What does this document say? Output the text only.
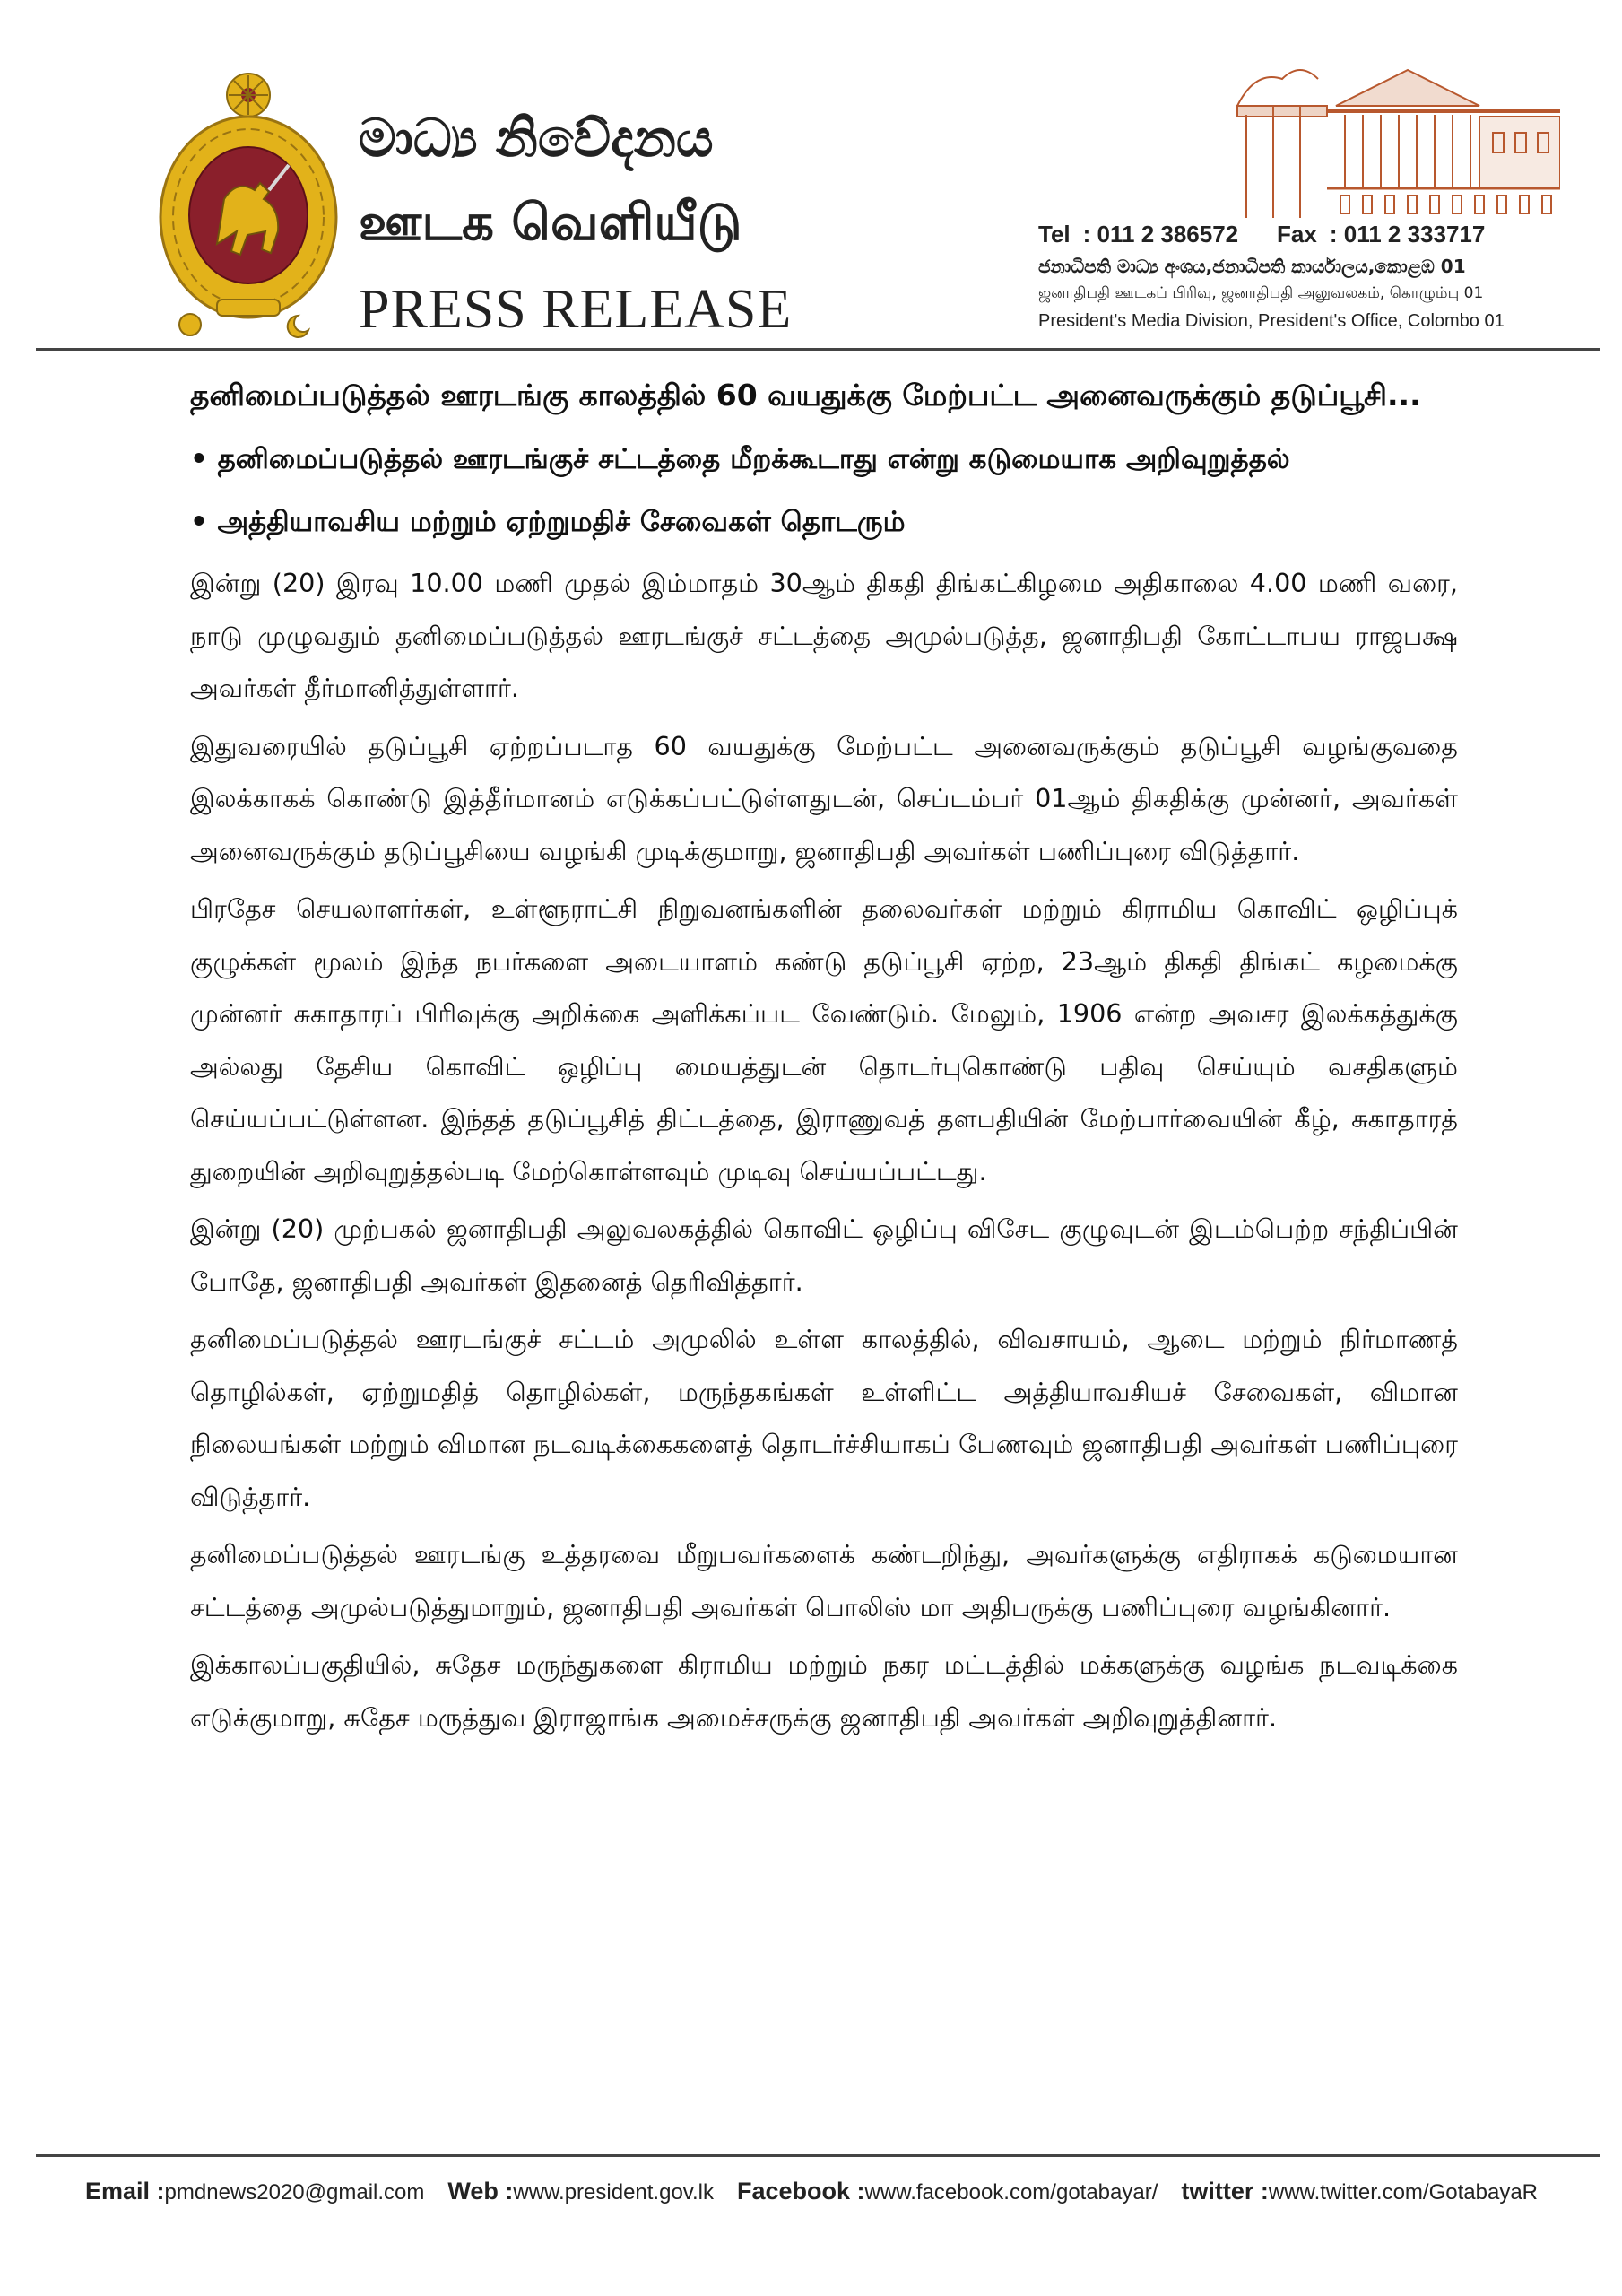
මාධ්‍ය නිවේදනය
ஊடக வெளியீடு
PRESS RELEASE
Tel : 011 2 386572 Fax : 011 2 333717
ජනාධිපති මාධ්‍ය අංශය,ජනාධිපති කාර්යාලය,කොළඹ 01
ஜனாதிபதி ஊடகப் பிரிவு, ஜனாதிபதி அலுவலகம், கொழும்பு 01
President's Media Division, President's Office, Colombo 01

தனிமைப்படுத்தல் ஊரடங்கு காலத்தில் 60 வயதுக்கு மேற்பட்ட அனைவருக்கும் தடுப்பூசி...

• தனிமைப்படுத்தல் ஊரடங்குச் சட்டத்தை மீறக்கூடாது என்று கடுமையாக அறிவுறுத்தல்

• அத்தியாவசிய மற்றும் ஏற்றுமதிச் சேவைகள் தொடரும்

இன்று (20) இரவு 10.00 மணி முதல் இம்மாதம் 30ஆம் திகதி திங்கட்கிழமை அதிகாலை 4.00 மணி வரை, நாடு முழுவதும் தனிமைப்படுத்தல் ஊரடங்குச் சட்டத்தை அமுல்படுத்த, ஜனாதிபதி கோட்டாபய ராஜபக்ஷ அவர்கள் தீர்மானித்துள்ளார்.

இதுவரையில் தடுப்பூசி ஏற்றப்படாத 60 வயதுக்கு மேற்பட்ட அனைவருக்கும் தடுப்பூசி வழங்குவதை இலக்காகக் கொண்டு இத்தீர்மானம் எடுக்கப்பட்டுள்ளதுடன், செப்டம்பர் 01ஆம் திகதிக்கு முன்னர், அவர்கள் அனைவருக்கும் தடுப்பூசியை வழங்கி முடிக்குமாறு, ஜனாதிபதி அவர்கள் பணிப்புரை விடுத்தார்.

பிரதேச செயலாளர்கள், உள்ளூராட்சி நிறுவனங்களின் தலைவர்கள் மற்றும் கிராமிய கொவிட் ஒழிப்புக் குழுக்கள் மூலம் இந்த நபர்களை அடையாளம் கண்டு தடுப்பூசி ஏற்ற, 23ஆம் திகதி திங்கட் கழமைக்கு முன்னர் சுகாதாரப் பிரிவுக்கு அறிக்கை அளிக்கப்பட வேண்டும். மேலும், 1906 என்ற அவசர இலக்கத்துக்கு அல்லது தேசிய கொவிட் ஒழிப்பு மையத்துடன் தொடர்புகொண்டு பதிவு செய்யும் வசதிகளும் செய்யப்பட்டுள்ளன. இந்தத் தடுப்பூசித் திட்டத்தை, இராணுவத் தளபதியின் மேற்பார்வையின் கீழ், சுகாதாரத் துறையின் அறிவுறுத்தல்படி மேற்கொள்ளவும் முடிவு செய்யப்பட்டது.

இன்று (20) முற்பகல் ஜனாதிபதி அலுவலகத்தில் கொவிட் ஒழிப்பு விசேட குழுவுடன் இடம்பெற்ற சந்திப்பின் போதே, ஜனாதிபதி அவர்கள் இதனைத் தெரிவித்தார்.

தனிமைப்படுத்தல் ஊரடங்குச் சட்டம் அமுலில் உள்ள காலத்தில், விவசாயம், ஆடை மற்றும் நிர்மாணத் தொழில்கள், ஏற்றுமதித் தொழில்கள், மருந்தகங்கள் உள்ளிட்ட அத்தியாவசியச் சேவைகள், விமான நிலையங்கள் மற்றும் விமான நடவடிக்கைகளைத் தொடர்ச்சியாகப் பேணவும் ஜனாதிபதி அவர்கள் பணிப்புரை விடுத்தார்.

தனிமைப்படுத்தல் ஊரடங்கு உத்தரவை மீறுபவர்களைக் கண்டறிந்து, அவர்களுக்கு எதிராகக் கடுமையான சட்டத்தை அமுல்படுத்துமாறும், ஜனாதிபதி அவர்கள் பொலிஸ் மா அதிபருக்கு பணிப்புரை வழங்கினார்.

இக்காலப்பகுதியில், சுதேச மருந்துகளை கிராமிய மற்றும் நகர மட்டத்தில் மக்களுக்கு வழங்க நடவடிக்கை எடுக்குமாறு, சுதேச மருத்துவ இராஜாங்க அமைச்சருக்கு ஜனாதிபதி அவர்கள் அறிவுறுத்தினார்.

Email : pmdnews2020@gmail.com Web : www.president.gov.lk Facebook : www.facebook.com/gotabayar/ twitter : www.twitter.com/GotabayaR
